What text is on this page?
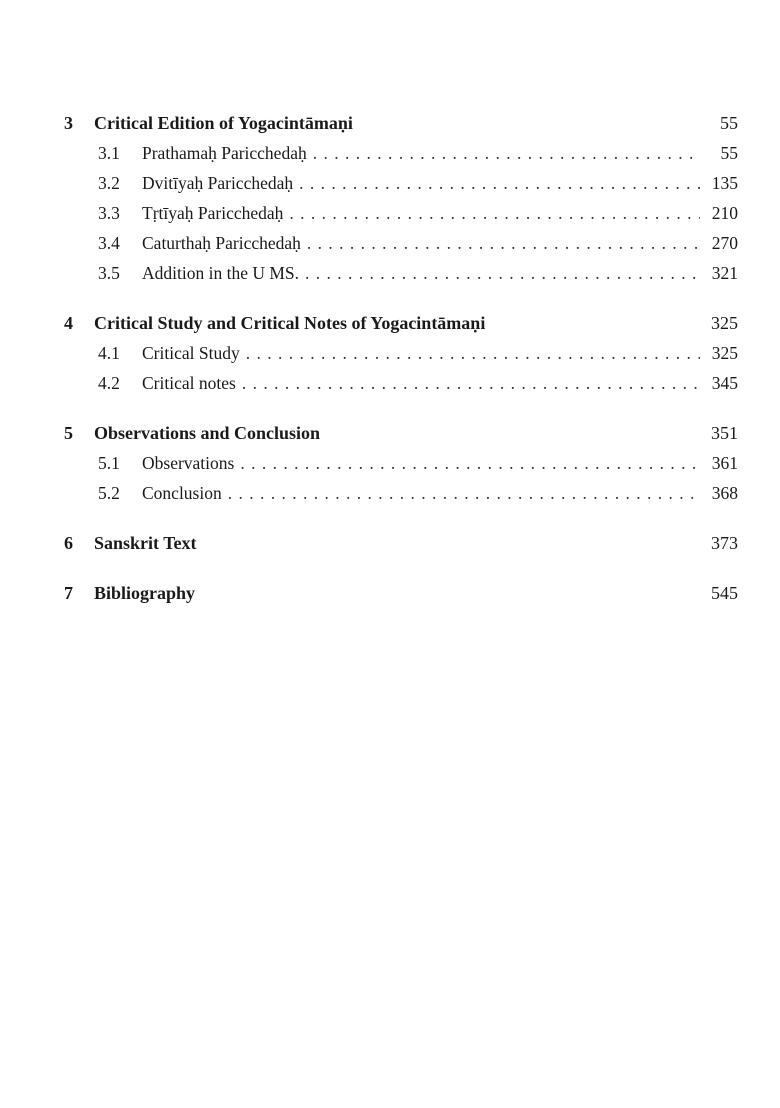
3	Critical Edition of Yogacintāmaṇi	55
3.1	Prathamaḥ Paricchedaḥ . . .	55
3.2	Dvitīyaḥ Paricchedaḥ . . .	135
3.3	Tṛtīyaḥ Paricchedaḥ . . .	210
3.4	Caturthaḥ Paricchedaḥ . . .	270
3.5	Addition in the U MS. . . .	321
4	Critical Study and Critical Notes of Yogacintāmaṇi	325
4.1	Critical Study . . .	325
4.2	Critical notes . . .	345
5	Observations and Conclusion	351
5.1	Observations . . .	361
5.2	Conclusion . . .	368
6	Sanskrit Text	373
7	Bibliography	545
